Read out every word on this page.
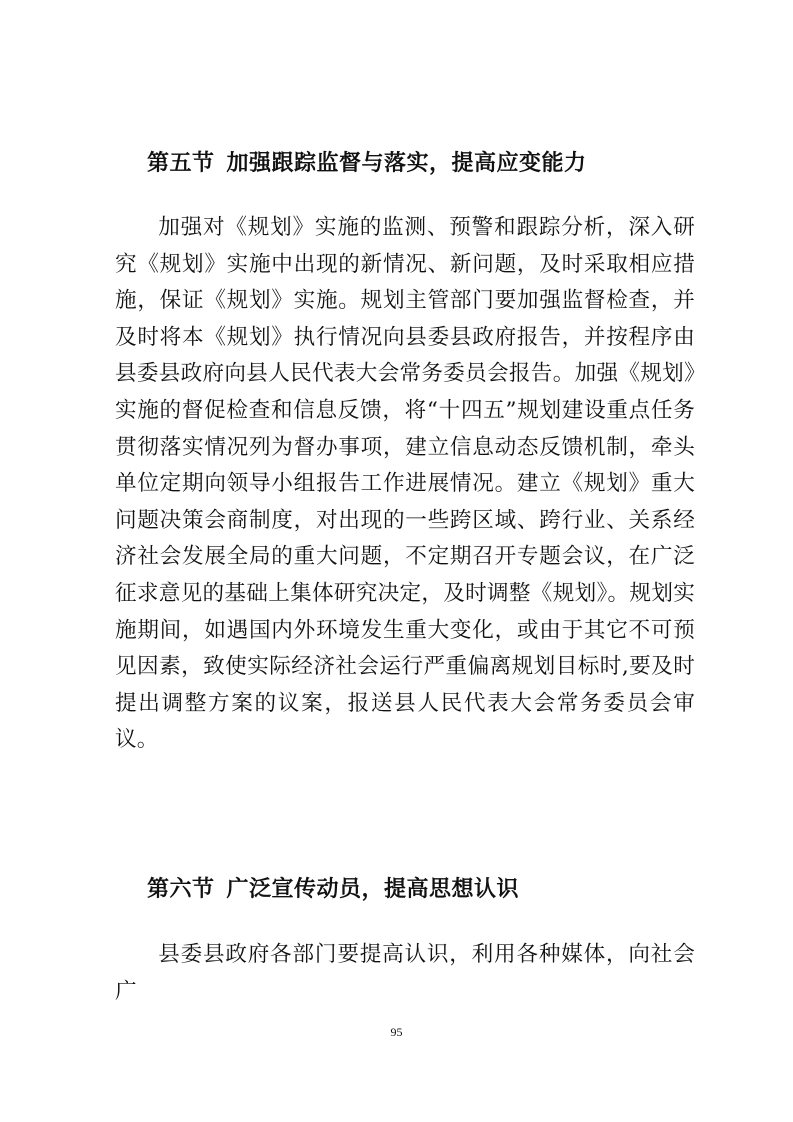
第五节 加强跟踪监督与落实，提高应变能力

加强对《规划》实施的监测、预警和跟踪分析，深入研究《规划》实施中出现的新情况、新问题，及时采取相应措施，保证《规划》实施。规划主管部门要加强监督检查，并及时将本《规划》执行情况向县委县政府报告，并按程序由县委县政府向县人民代表大会常务委员会报告。加强《规划》实施的督促检查和信息反馈，将“十四五”规划建设重点任务贯彻落实情况列为督办事项，建立信息动态反馈机制，牵头单位定期向领导小组报告工作进展情况。建立《规划》重大问题决策会商制度，对出现的一些跨区域、跨行业、关系经济社会发展全局的重大问题，不定期召开专题会议，在广泛征求意见的基础上集体研究决定，及时调整《规划》。规划实施期间，如遇国内外环境发生重大变化，或由于其它不可预见因素，致使实际经济社会运行严重偏离规划目标时,要及时提出调整方案的议案，报送县人民代表大会常务委员会审议。

第六节 广泛宣传动员，提高思想认识

县委县政府各部门要提高认识，利用各种媒体，向社会广

95
